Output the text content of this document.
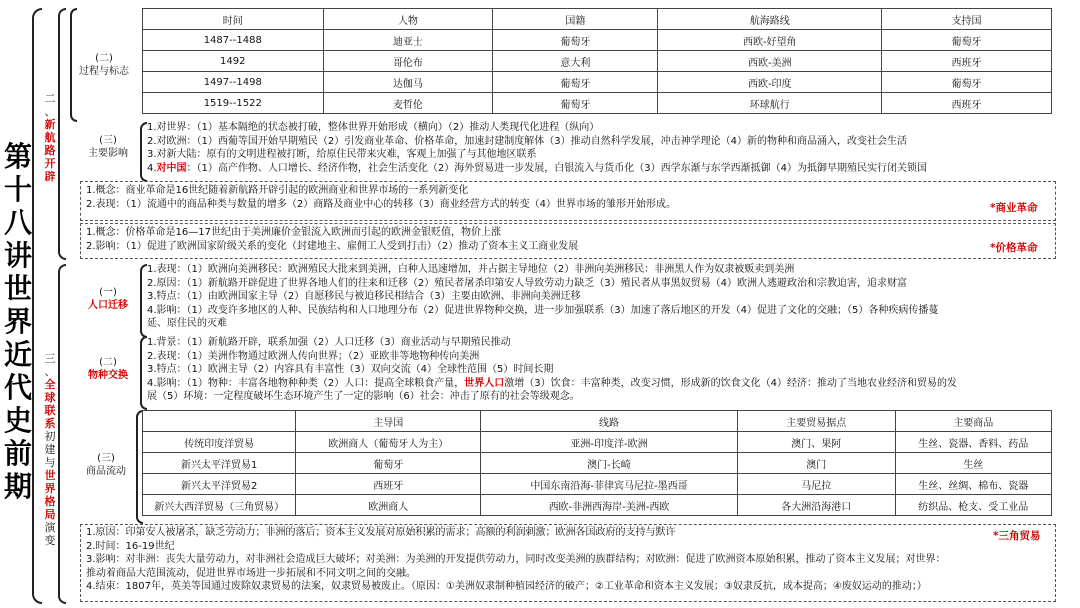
第
十
八
讲
世
界
近
代
史
前
期
二
、
新
航
路
开
辟
(二)
过程与标志
时间	人物	国籍	航海路线	支持国
1487--1488	迪亚士	葡萄牙	西欧-好望角	葡萄牙
1492	哥伦布	意大利	西欧-美洲	西班牙
1497--1498	达伽马	葡萄牙	西欧-印度	葡萄牙
1519--1522	麦哲伦	葡萄牙	环球航行	西班牙
(三)
主要影响
1.对世界：（1）基本隔绝的状态被打破，整体世界开始形成（横向）（2）推动人类现代化进程（纵向）
2.对欧洲：（1）西葡等国开始早期殖民（2）引发商业革命、价格革命，加速封建制度解体（3）推动自然科学发展，冲击神学理论（4）新的物种和商品涌入，改变社会生活
3.对新大陆：原有的文明进程被打断，给原住民带来灾难，客观上加强了与其他地区联系
4.对中国：（1）高产作物、人口增长、经济作物，社会生活变化（2）海外贸易进一步发展，白银流入与货币化（3）西学东渐与东学西渐抵御（4）为抵御早期殖民实行闭关锁国
1.概念：商业革命是16世纪随着新航路开辟引起的欧洲商业和世界市场的一系列新变化
2.表现：（1）流通中的商品种类与数量的增多（2）商路及商业中心的转移（3）商业经营方式的转变（4）世界市场的雏形开始形成。	*商业革命
1.概念：价格革命是16—17世纪由于美洲廉价金银流入欧洲而引起的欧洲金银贬值，物价上涨
2.影响：（1）促进了欧洲国家阶级关系的变化（封建地主、雇佣工人受到打击）（2）推动了资本主义工商业发展	*价格革命
三
、
全
球
联
系
初
建
与
世
界
格
局
演
变
(一)
人口迁移
1.表现：（1）欧洲向美洲移民：欧洲殖民大批来到美洲，白种人迅速增加，并占据主导地位（2）非洲向美洲移民：非洲黑人作为奴隶被贩卖到美洲
2.原因：（1）新航路开辟促进了世界各地人们的往来和迁移（2）殖民者屠杀印第安人导致劳动力缺乏（3）殖民者从事黑奴贸易（4）欧洲人逃避政治和宗教迫害，追求财富
3.特点：（1）由欧洲国家主导（2）自愿移民与被迫移民相结合（3）主要由欧洲、非洲向美洲迁移
4.影响：（1）改变许多地区的人种、民族结构和人口地理分布（2）促进世界物种交换，进一步加强联系（3）加速了落后地区的开发（4）促进了文化的交融；（5）各种疾病传播蔓
延、原住民的灭难
(二)
物种交换
1.背景：（1）新航路开辟，联系加强（2）人口迁移（3）商业活动与早期殖民推动
2.表现：（1）美洲作物通过欧洲人传向世界；（2）亚欧非等地物种传向美洲
3.特点：（1）欧洲主导（2）内容具有丰富性（3）双向交流（4）全球性范围（5）时间长期
4.影响：（1）物种：丰富各地物种种类（2）人口：提高全球粮食产量，世界人口激增（3）饮食：丰富种类，改变习惯，形成新的饮食文化（4）经济：推动了当地农业经济和贸易的发
展（5）环境：一定程度破坏生态环境产生了一定的影响（6）社会：冲击了原有的社会等级观念。
(三)
商品流动
	主导国	线路	主要贸易据点	主要商品
传统印度洋贸易	欧洲商人（葡萄牙人为主）	亚洲-印度洋-欧洲	澳门、果阿	生丝、瓷器、香料、药品
新兴太平洋贸易1	葡萄牙	澳门-长崎	澳门	生丝
新兴太平洋贸易2	西班牙	中国东南沿海-菲律宾马尼拉-墨西哥	马尼拉	生丝、丝绸、棉布、瓷器
新兴大西洋贸易（三角贸易）	欧洲商人	西欧-非洲西海岸-美洲-西欧	各大洲沿海港口	纺织品、枪支、受工业品
1.原因：印第安人被屠杀，缺乏劳动力；非洲的落后；资本主义发展对原始积累的需求；高额的利润刺激；欧洲各国政府的支持与默许
2.时间：16-19世纪
3.影响：对非洲：丧失大量劳动力，对非洲社会造成巨大破坏；对美洲：为美洲的开发提供劳动力，同时改变美洲的族群结构；对欧洲：促进了欧洲资本原始积累，推动了资本主义发展；对世界：
推动着商品大范围流动，促进世界市场进一步拓展和不同文明之间的交融。
4.结束：1807年，英美等国通过废除奴隶贸易的法案，奴隶贸易被废止。（原因：①美洲奴隶制种植园经济的破产；②工业革命和资本主义发展；③奴隶反抗，成本提高；④废奴运动的推动；）
*三角贸易
